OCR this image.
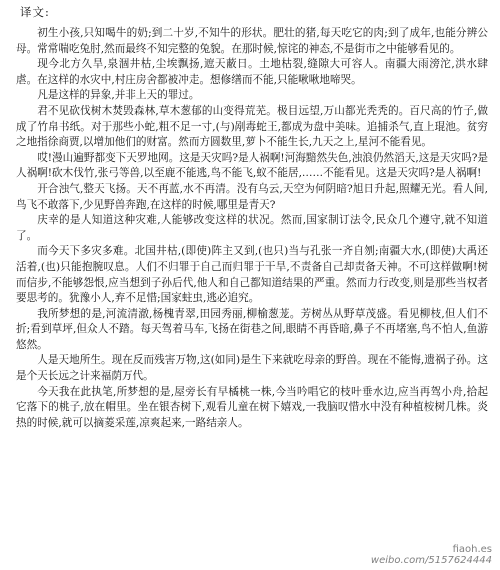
译文:

初生小孩,只知喝牛的奶;到二十岁,不知牛的形状。肥壮的猪,每天吃它的肉;到了成年,也能分辨公母。常常喘吃兔肘,然而最终不知完整的兔貌。在那时候,惊诧的神态,不是街市之中能够看见的。

现今北方久旱,泉涸井枯,尘埃飘扬,遮天蔽日。土地枯裂,缝隙大可容人。南疆大雨滂沱,洪水肆虐。在这样的水灾中,村庄房舍都被冲走。想修缮而不能,只能啾啾地啼哭。

凡是这样的异象,并非上天的罪过。

君不见砍伐树木焚毁森林,草木葱郁的山变得荒芜。极目远望,万山都光秃秃的。百尺高的竹子,做成了竹帛书纸。对于那些小蛇,粗不足一寸,(与)剐毒蛇王,都成为盘中美味。追捕杀气,直上琨池。贫穷之地指徐商贾,以增加他们的财富。然而方圆数里,萝卜不能生长,九天之上,星河不能看见。

哎!漫山遍野都变下天罗地网。这是天灾吗?是人祸啊!河海黯然失色,浊浪仍然滔天,这是天灾吗?是人祸啊!砍木伐竹,张弓等兽,以至鹿不能逃,鸟不能飞,蚁不能居,……不能看见。这是天灾吗?是人祸啊!

开合浊气,整天飞扬。天不再蓝,水不再清。没有乌云,天空为何阴暗?旭日升起,照耀无光。看人间,鸟飞不敢落下,少见野兽奔跑,在这样的时候,哪里是青天?

庆幸的是人知道这种灾难,人能够改变这样的状况。然而,国家制订法令,民众几个遵守,就不知道了。

而今天下多灾多难。北国井枯,(即使)阵主又到,(也只)当与孔张一齐自刎;南疆大水,(即使)大禹还活着,(也)只能抱腕叹息。人们不归罪于自己而归罪于干旱,不责备自己却责备天神。不可这样做啊!树而信步,不能够怨恨,应当想到子孙后代,他人和自己都知道结果的严重。然而力行改变,则是那些当权者要思考的。犹豫小人,弃不足惜;国家蛀虫,逃必追究。

我所梦想的是,河流清澈,杨槐青翠,田园秀丽,柳榆葱茏。芳树丛从野草茂盛。看见柳枝,但人们不折;看到草坪,但众人不踏。每天驾着马车,飞扬在街巷之间,眼睛不再昏暗,鼻子不再堵塞,鸟不怕人,鱼游悠然。

人是天地所生。现在反而残害万物,这(如同)是生下来就吃母亲的野兽。现在不能悔,遗祸子孙。这是个天长远之计来福荫万代。

今天我在此执笔,所梦想的是,屋旁长有早橘桃一株,今当吟唱它的枝叶垂水边,应当再驾小舟,拾起它落下的桃子,放在帽里。坐在银杏树下,观看儿童在树下嬉戏,一我脑叹惜水中没有种植桉树几株。炎热的时候,就可以摘菱采莲,凉爽起来,一路结亲人。

fiaoh.es
weibo.com/5157624444
